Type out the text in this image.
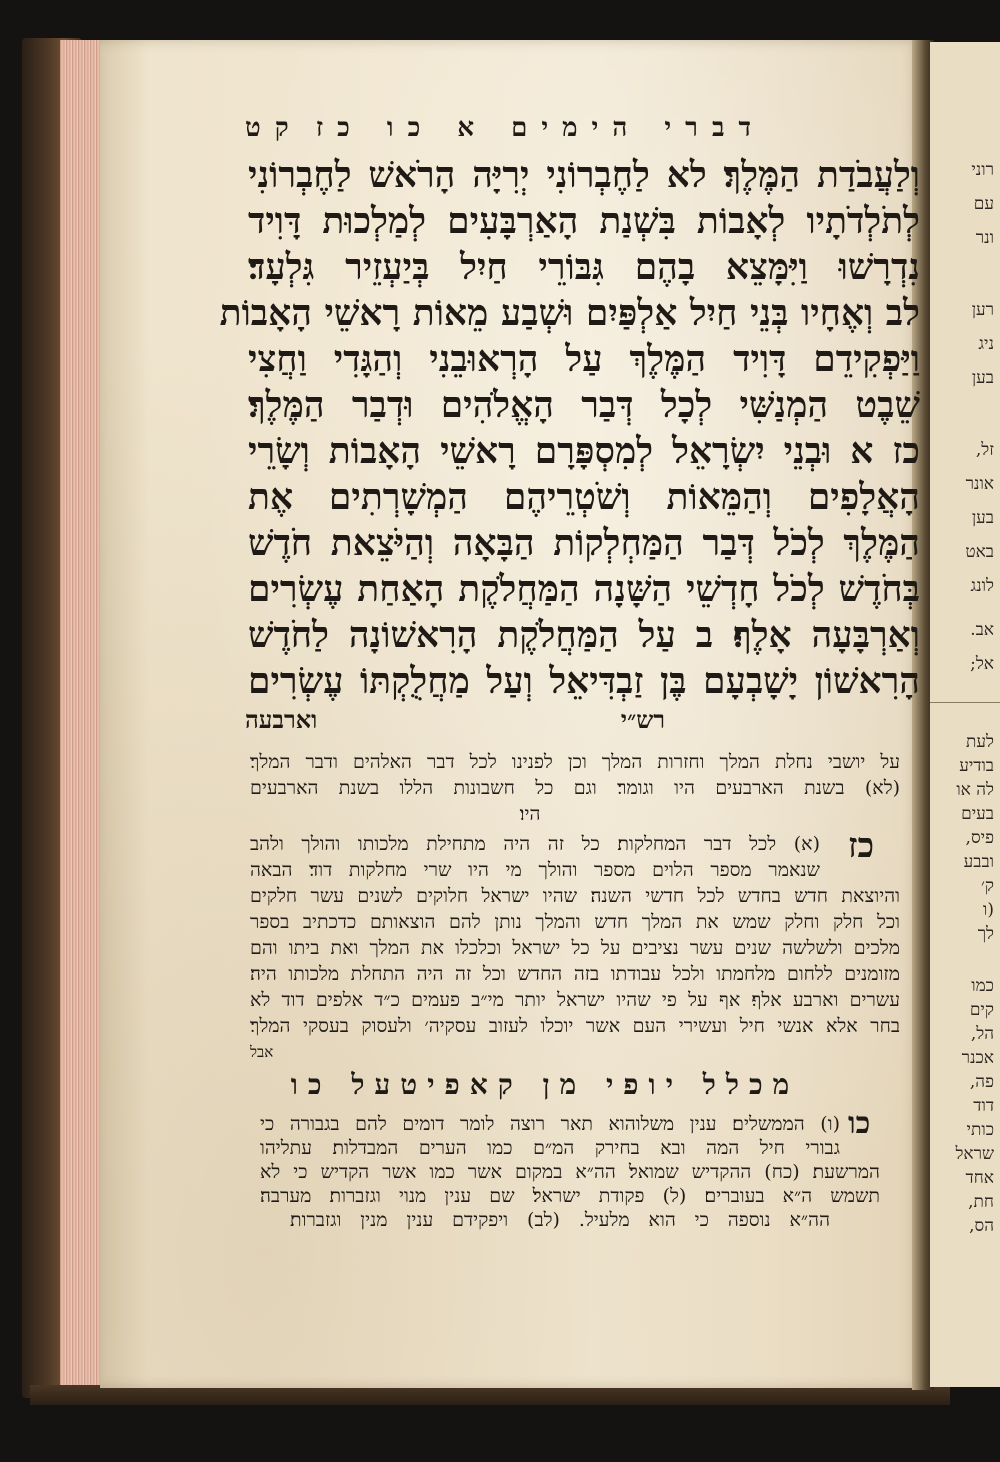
רוני
עם
ונר
רען
ניג
בען
זל,
אונר
בען
באט
לונג
אב.
אל;
לעת
בודיע
לה או
בעים
פיס,
ובבע
ק׳
(ו
לך
כמו
קים
הל,
אכנר
פה,
דוד
כותי
שראל
אחד
חת,
הס,
דברי הימים א כו כז
קט
וְלַעֲבֹדַת הַמֶּלֶךְ׃ לא לַחֶבְרוֹנִי יְרִיָּה הָרֹאשׁ לַחֶבְרוֹנִי
לְתֹלְדֹתָיו לְאָבוֹת בִּשְׁנַת הָאַרְבָּעִים לְמַלְכוּת דָּוִיד
נִדְרָשׁוּ וַיִּמָּצֵא בָהֶם גִּבּוֹרֵי חַיִל בְּיַעְזֵיר גִּלְעָד׃
לב וְאֶחָיו בְּנֵי חַיִל אַלְפַּיִם וּשְׁבַע מֵאוֹת רָאשֵׁי הָאָבוֹת
וַיַּפְקִידֵם דָּוִיד הַמֶּלֶךְ עַל הָרְאוּבֵנִי וְהַגָּדִי וַחֲצִי
שֵׁבֶט הַמְנַשִּׁי לְכָל דְּבַר הָאֱלֹהִים וּדְבַר הַמֶּלֶךְ׃
כז א וּבְנֵי יִשְׂרָאֵל לְמִסְפָּרָם רָאשֵׁי הָאָבוֹת וְשָׂרֵי
הָאֲלָפִים וְהַמֵּאוֹת וְשֹׁטְרֵיהֶם הַמְשָׁרְתִים אֶת
הַמֶּלֶךְ לְכֹל דְּבַר הַמַּחְלְקוֹת הַבָּאָה וְהַיֹּצֵאת חֹדֶשׁ
בְּחֹדֶשׁ לְכֹל חָדְשֵׁי הַשָּׁנָה הַמַּחֲלֹקֶת הָאַחַת עֶשְׂרִים
וְאַרְבָּעָה אָלֶף׃ ב עַל הַמַּחֲלֹקֶת הָרִאשׁוֹנָה לַחֹדֶשׁ
הָרִאשׁוֹן יָשָׁבְעָם בֶּן זַבְדִּיאֵל וְעַל מַחֲלֻקְתּוֹ עֶשְׂרִים
רש״י
וארבעה
על יושבי נחלת המלך וחזרות המלך וכן לפנינו לכל דבר האלהים ודבר המלך׃
(לא) בשנת הארבעים היו וגומר׃ וגם כל חשבונות הללו בשנת הארבעים
היו׃
כז
(א) לכל דבר המחלקות׃ כל זה היה מתחילת מלכותו והולך ולהב
שנאמר מספר הלוים מספר והולך מי היו שרי מחלקות דוד׃ הבאה
והיוצאת חדש בחדש לכל חדשי השנה׃ שהיו ישראל חלוקים לשנים עשר חלקים
וכל חלק וחלק שמש את המלך חדש והמלך נותן להם הוצאותם כדכתיב בספר
מלכים ולשלשה שנים עשר נציבים על כל ישראל וכלכלו את המלך ואת ביתו והם
מזומנים ללחום מלחמתו ולכל עבודתו בזה החדש וכל זה היה התחלת מלכותו היה׃
עשרים וארבע אלף׃ אף על פי שהיו ישראל יותר מי״ב פעמים כ״ד אלפים דוד לא
בחר אלא אנשי חיל ועשירי העם אשר יוכלו לעזוב עסקיה׳ ולעסוק בעסקי המלך׃
אבל
מכלל יופי מן קאפיטעל כו
כו
(ו) הממשלים׃ ענין משלוהוא תאר רוצה לומר דומים להם בגבורה כי
גבורי חיל המה ובא בחירק המ״ם כמו הערים המבדלות׃ עתליהו
המרשעת׃ (כח) ההקדיש שמואל׃ הה״א במקום אשר כמו אשר הקדיש כי לא
תשמש ה״א בעוברים׃ (ל) פקודת ישראל׃ שם ענין מנוי וגזברות׃ מערבה׃
הה״א נוספה כי הוא מלעיל. (לב) ויפקידם ענין מנין וגזברות׃
